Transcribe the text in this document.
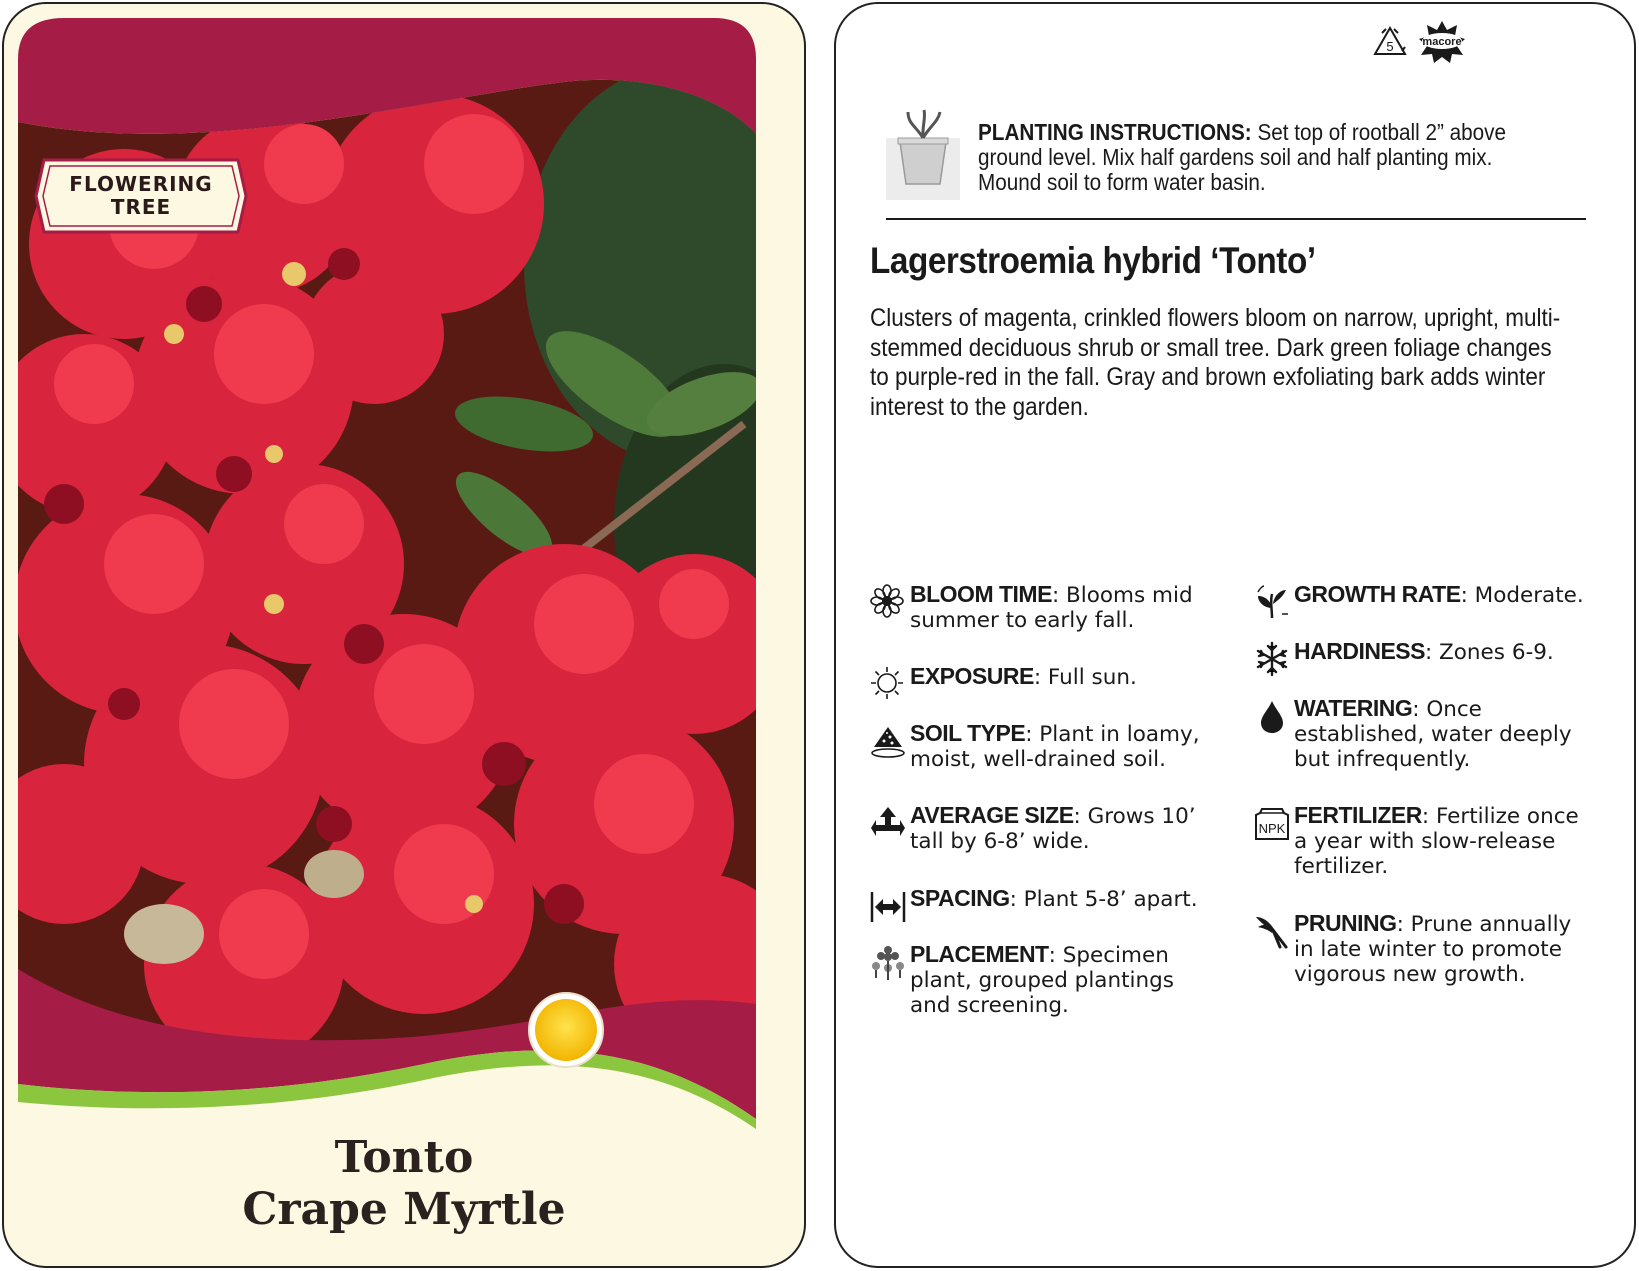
FLOWERING
TREE
Tonto
Crape Myrtle
5	macore
PLANTING INSTRUCTIONS: Set top of rootball 2” above ground level. Mix half gardens soil and half planting mix. Mound soil to form water basin.
Lagerstroemia hybrid ‘Tonto’
Clusters of magenta, crinkled flowers bloom on narrow, upright, multi-stemmed deciduous shrub or small tree. Dark green foliage changes to purple-red in the fall. Gray and brown exfoliating bark adds winter interest to the garden.
BLOOM TIME: Blooms mid summer to early fall.
EXPOSURE: Full sun.
SOIL TYPE: Plant in loamy, moist, well-drained soil.
AVERAGE SIZE: Grows 10’ tall by 6-8’ wide.
SPACING: Plant 5-8’ apart.
PLACEMENT: Specimen plant, grouped plantings and screening.
GROWTH RATE: Moderate.
HARDINESS: Zones 6-9.
WATERING: Once established, water deeply but infrequently.
NPK
FERTILIZER: Fertilize once a year with slow-release fertilizer.
PRUNING: Prune annually in late winter to promote vigorous new growth.
